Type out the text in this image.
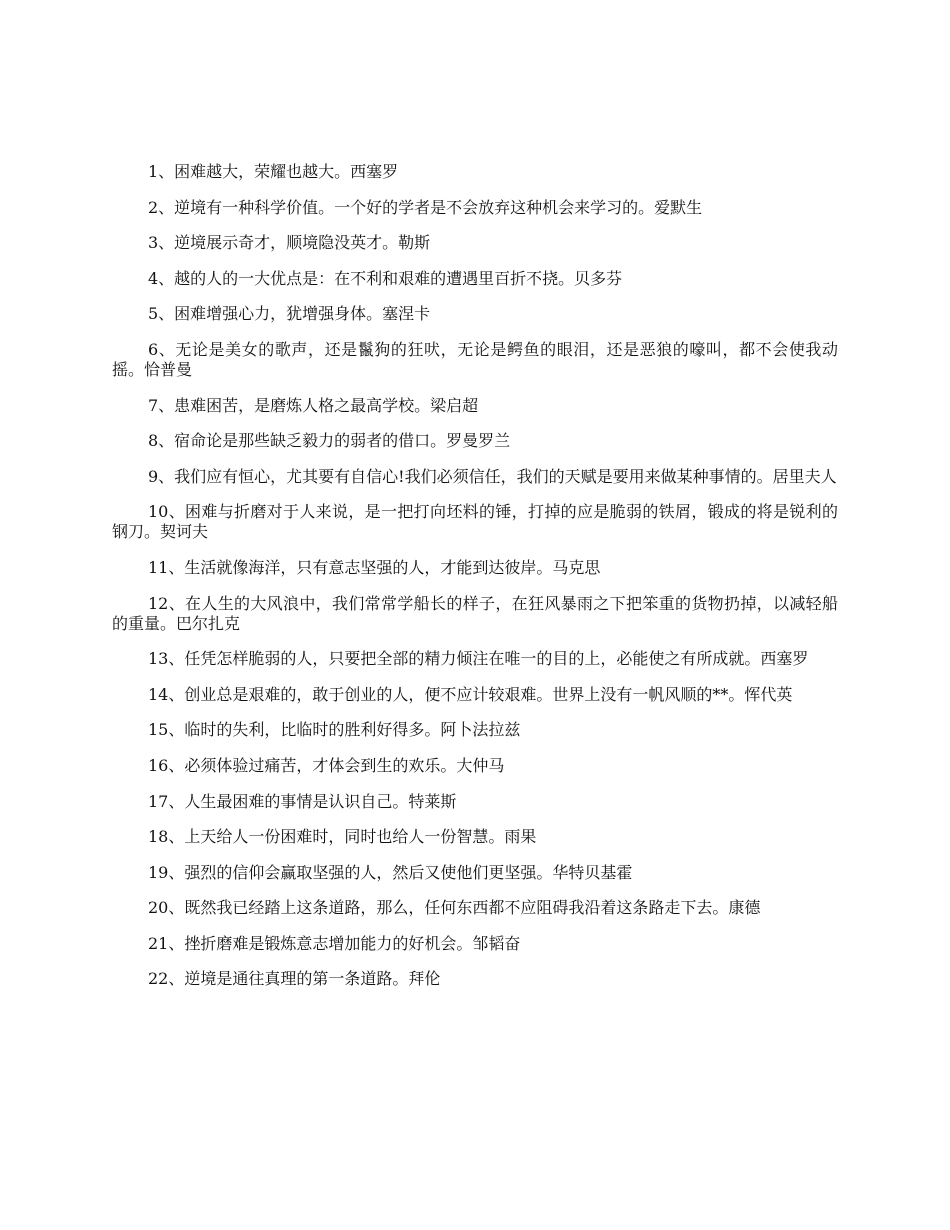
1、困难越大，荣耀也越大。西塞罗

2、逆境有一种科学价值。一个好的学者是不会放弃这种机会来学习的。爱默生

3、逆境展示奇才，顺境隐没英才。勒斯

4、越的人的一大优点是：在不利和艰难的遭遇里百折不挠。贝多芬

5、困难增强心力，犹增强身体。塞涅卡

6、无论是美女的歌声，还是鬣狗的狂吠，无论是鳄鱼的眼泪，还是恶狼的嚎叫，都不会使我动摇。恰普曼

7、患难困苦，是磨炼人格之最高学校。梁启超

8、宿命论是那些缺乏毅力的弱者的借口。罗曼罗兰

9、我们应有恒心，尤其要有自信心!我们必须信任，我们的天赋是要用来做某种事情的。居里夫人

10、困难与折磨对于人来说，是一把打向坯料的锤，打掉的应是脆弱的铁屑，锻成的将是锐利的钢刀。契诃夫

11、生活就像海洋，只有意志坚强的人，才能到达彼岸。马克思

12、在人生的大风浪中，我们常常学船长的样子，在狂风暴雨之下把笨重的货物扔掉，以减轻船的重量。巴尔扎克

13、任凭怎样脆弱的人，只要把全部的精力倾注在唯一的目的上，必能使之有所成就。西塞罗

14、创业总是艰难的，敢于创业的人，便不应计较艰难。世界上没有一帆风顺的**。恽代英

15、临时的失利，比临时的胜利好得多。阿卜法拉兹

16、必须体验过痛苦，才体会到生的欢乐。大仲马

17、人生最困难的事情是认识自己。特莱斯

18、上天给人一份困难时，同时也给人一份智慧。雨果

19、强烈的信仰会赢取坚强的人，然后又使他们更坚强。华特贝基霍

20、既然我已经踏上这条道路，那么，任何东西都不应阻碍我沿着这条路走下去。康德

21、挫折磨难是锻炼意志增加能力的好机会。邹韬奋

22、逆境是通往真理的第一条道路。拜伦
